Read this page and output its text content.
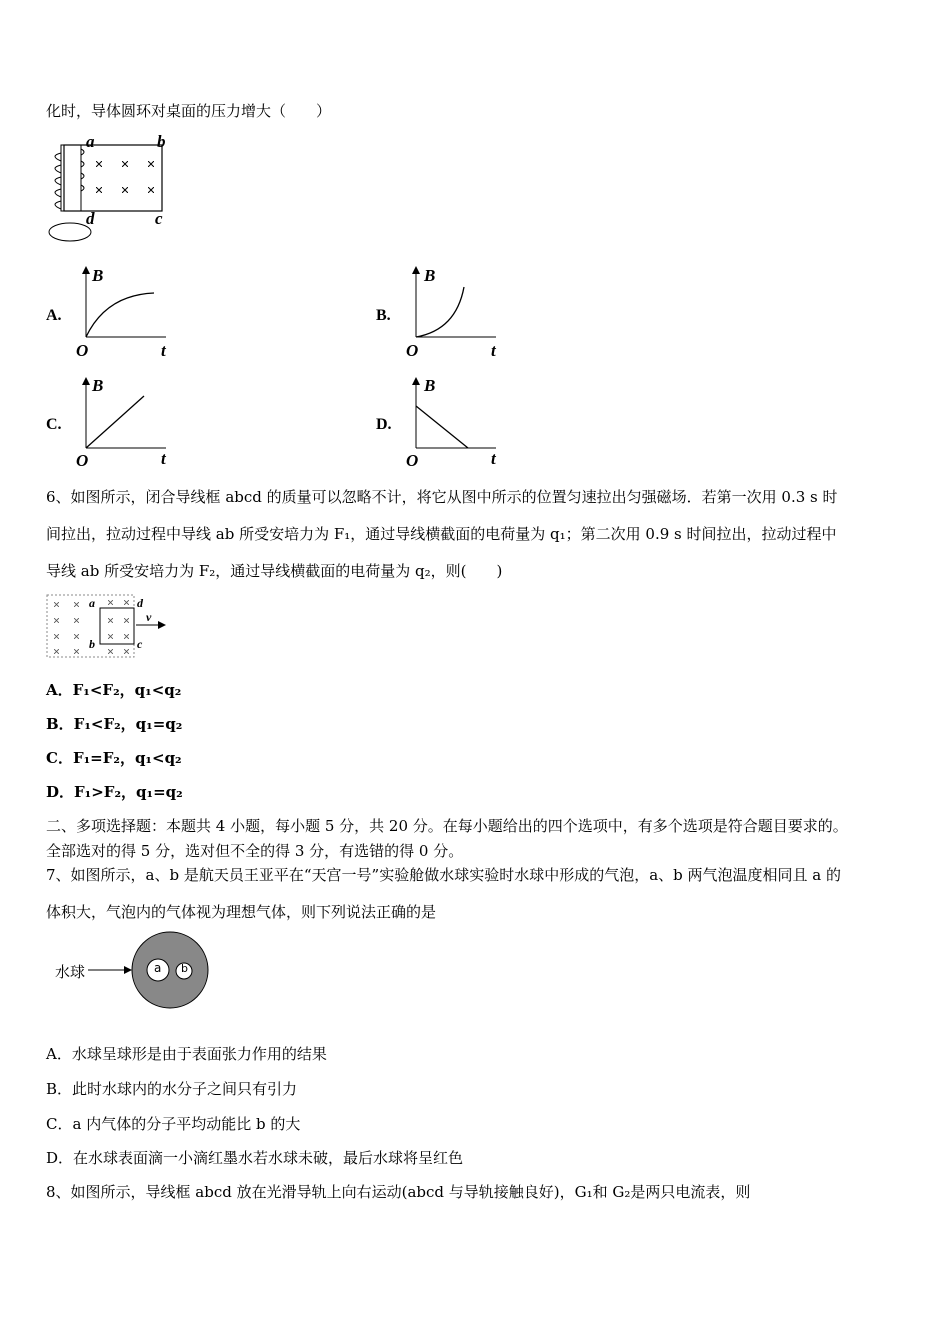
化时，导体圆环对桌面的压力增大（　　）
a	b
d	c
A.
B
O	t
B.
B
O	t
C.
B
O	t
D.
B
O	t
6、如图所示，闭合导线框 abcd 的质量可以忽略不计，将它从图中所示的位置匀速拉出匀强磁场．若第一次用 0.3 s 时
间拉出，拉动过程中导线 ab 所受安培力为 F₁，通过导线横截面的电荷量为 q₁；第二次用 0.9 s 时间拉出，拉动过程中
导线 ab 所受安培力为 F₂，通过导线横截面的电荷量为 q₂，则(　　)
a	d
b	c
v
A．F₁<F₂，q₁<q₂
B．F₁<F₂，q₁=q₂
C．F₁=F₂，q₁<q₂
D．F₁>F₂，q₁=q₂
二、多项选择题：本题共 4 小题，每小题 5 分，共 20 分。在每小题给出的四个选项中，有多个选项是符合题目要求的。
全部选对的得 5 分，选对但不全的得 3 分，有选错的得 0 分。
7、如图所示，a、b 是航天员王亚平在“天宫一号”实验舱做水球实验时水球中形成的气泡，a、b 两气泡温度相同且 a 的
体积大，气泡内的气体视为理想气体，则下列说法正确的是
水球	a b
A．水球呈球形是由于表面张力作用的结果
B．此时水球内的水分子之间只有引力
C．a 内气体的分子平均动能比 b 的大
D．在水球表面滴一小滴红墨水若水球未破，最后水球将呈红色
8、如图所示，导线框 abcd 放在光滑导轨上向右运动(abcd 与导轨接触良好)，G₁和 G₂是两只电流表，则
